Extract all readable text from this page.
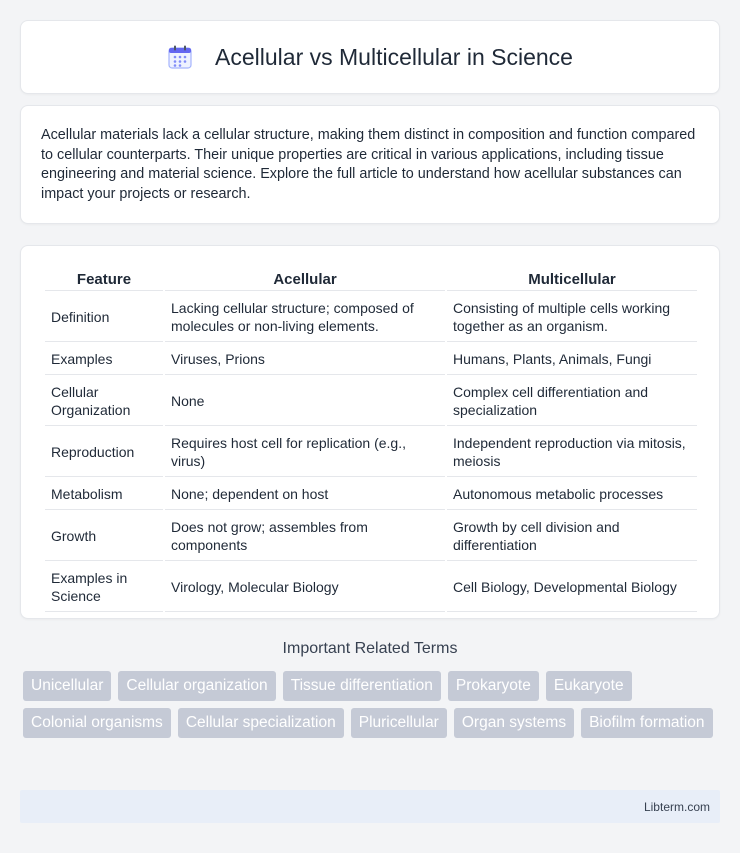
Acellular vs Multicellular in Science

Acellular materials lack a cellular structure, making them distinct in composition and function compared to cellular counterparts. Their unique properties are critical in various applications, including tissue engineering and material science. Explore the full article to understand how acellular substances can impact your projects or research.

Feature	Acellular	Multicellular
Definition	Lacking cellular structure; composed of molecules or non-living elements.	Consisting of multiple cells working together as an organism.
Examples	Viruses, Prions	Humans, Plants, Animals, Fungi
Cellular Organization	None	Complex cell differentiation and specialization
Reproduction	Requires host cell for replication (e.g., virus)	Independent reproduction via mitosis, meiosis
Metabolism	None; dependent on host	Autonomous metabolic processes
Growth	Does not grow; assembles from components	Growth by cell division and differentiation
Examples in Science	Virology, Molecular Biology	Cell Biology, Developmental Biology
Important Related Terms
Unicellular	Cellular organization	Tissue differentiation	Prokaryote	Eukaryote
Colonial organisms	Cellular specialization	Pluricellular	Organ systems	Biofilm formation
Libterm.com
